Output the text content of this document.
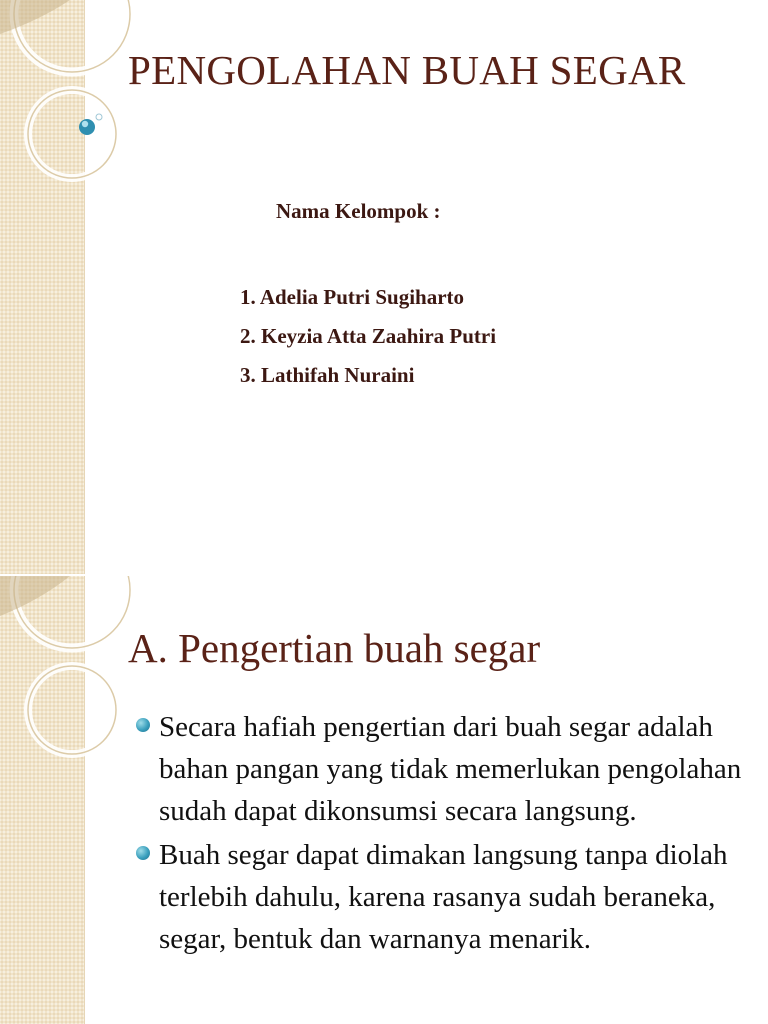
PENGOLAHAN BUAH SEGAR
Nama Kelompok :
1. Adelia Putri Sugiharto
2. Keyzia Atta Zaahira Putri
3. Lathifah Nuraini
A. Pengertian buah segar
Secara hafiah pengertian dari buah segar adalah bahan pangan yang tidak memerlukan pengolahan sudah dapat dikonsumsi secara langsung.
Buah segar dapat dimakan langsung tanpa diolah terlebih dahulu, karena rasanya sudah beraneka, segar, bentuk dan warnanya menarik.
